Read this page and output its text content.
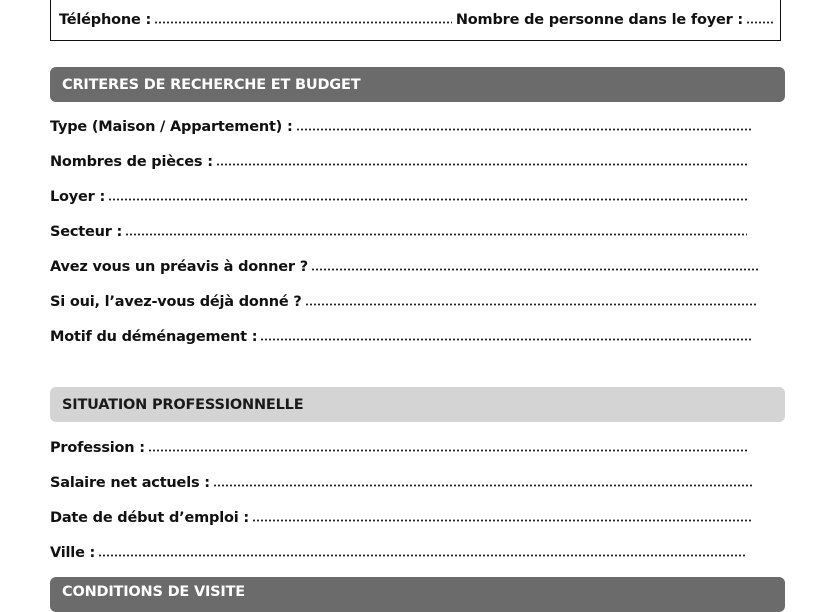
Téléphone :	Nombre de personne dans le foyer :
CRITERES DE RECHERCHE ET BUDGET
Type (Maison / Appartement) :
Nombres de pièces :
Loyer :
Secteur :
Avez vous un préavis à donner ?
Si oui, l’avez-vous déjà donné ?
Motif du déménagement :
SITUATION PROFESSIONNELLE
Profession :
Salaire net actuels :
Date de début d’emploi :
Ville :
CONDITIONS DE VISITE
